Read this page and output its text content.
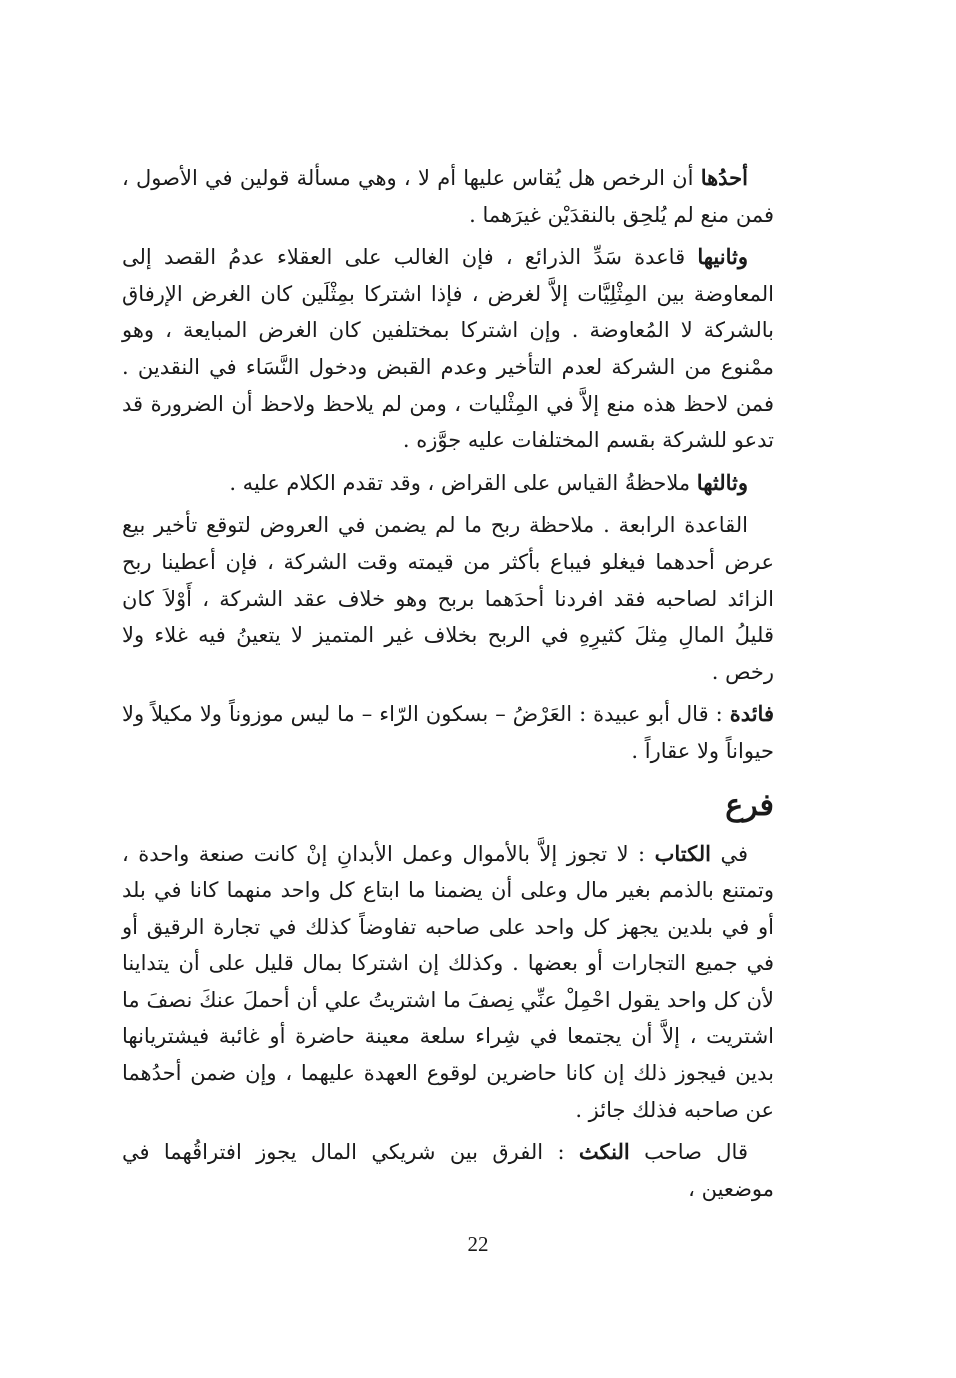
أحدُها أن الرخص هل يُقاس عليها أم لا ، وهي مسألة قولين في الأصول ، فمن منع لم يُلحِق بالنقدَيْن غيرَهما .

وثانيها قاعدة سَدِّ الذرائع ، فإن الغالب على العقلاء عدمُ القصد إلى المعاوضة بين المِثْلِيَّات إلاَّ لغرض ، فإذا اشتركا بمِثْلَين كان الغرض الإرفاق بالشركة لا المُعاوضة . وإن اشتركا بمختلفين كان الغرض المبايعة ، وهو ممْنوع من الشركة لعدم التأخير وعدم القبض ودخول النَّسَاء في النقدين . فمن لاحظ هذه منع إلاَّ في المِثْليات ، ومن لم يلاحظ ولاحظ أن الضرورة قد تدعو للشركة بقسم المختلفات عليه جوَّزه .

وثالثها ملاحظةُ القياس على القراض ، وقد تقدم الكلام عليه .

القاعدة الرابعة . ملاحظة ربح ما لم يضمن في العروض لتوقع تأخير بيع عرض أحدهما فيغلو فيباع بأكثر من قيمته وقت الشركة ، فإن أعطينا ربح الزائد لصاحبه فقد افردنا أحدَهما بربح وهو خلاف عقد الشركة ، أَوْلاَ كان قليلُ المالِ مِثلَ كثيرِهِ في الربح بخلاف غير المتميز لا يتعينُ فيه غلاء ولا رخص .

فائدة : قال أبو عبيدة : العَرْضُ – بسكون الرّاء – ما ليس موزوناً ولا مكيلاً ولا حيواناً ولا عقاراً .

فرع

في الكتاب : لا تجوز إلاَّ بالأموال وعمل الأبدانِ إنْ كانت صنعة واحدة ، وتمتنع بالذمم بغير مال وعلى أن يضمنا ما ابتاع كل واحد منهما كانا في بلد أو في بلدين يجهز كل واحد على صاحبه تفاوضاً كذلك في تجارة الرقيق أو في جميع التجارات أو بعضها . وكذلك إن اشتركا بمال قليل على أن يتداينا لأن كل واحد يقول احْمِلْ عنِّي نِصفَ ما اشتريتُ علي أن أحملَ عنكَ نصفَ ما اشتريت ، إلاَّ أن يجتمعا في شِراء سلعة معينة حاضرة أو غائبة فيشتريانها بدين فيجوز ذلك إن كانا حاضرين لوقوع العهدة عليهما ، وإن ضمن أحدُهما عن صاحبه فذلك جائز .

قال صاحب النكث : الفرق بين شريكي المال يجوز افتراقُهما في موضعين ،

22
